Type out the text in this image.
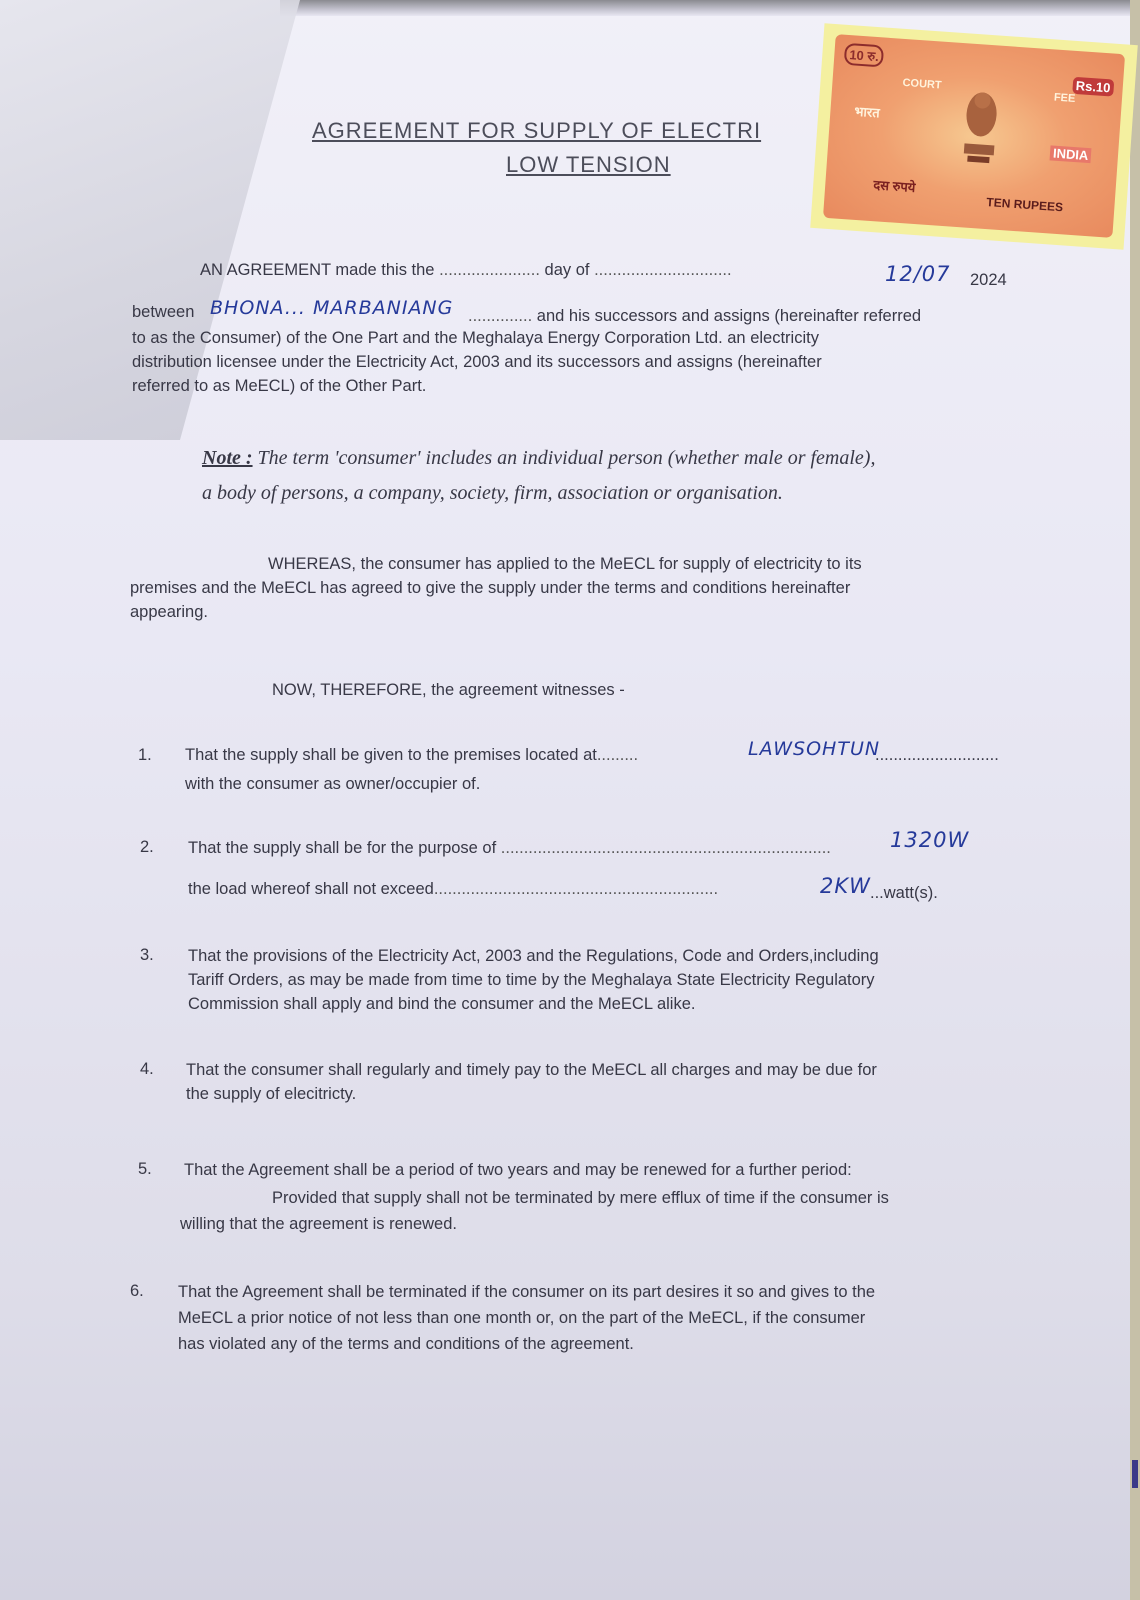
AGREEMENT FOR SUPPLY OF ELECTRI
LOW TENSION
10 रु.
COURT
FEE
Rs.10
भारत
INDIA
दस रुपये
TEN RUPEES
AN AGREEMENT made this the ...................... day of ..............................	12/07 2024
between BHONA... MARBANIANG .............. and his successors and assigns (hereinafter referred
to as the Consumer) of the One Part and the Meghalaya Energy Corporation Ltd. an electricity
distribution licensee under the Electricity Act, 2003 and its successors and assigns (hereinafter
referred to as MeECL) of the Other Part.
Note : The term 'consumer' includes an individual person (whether male or female),
a body of persons, a company, society, firm, association or organisation.
WHEREAS, the consumer has applied to the MeECL for supply of electricity to its
premises and the MeECL has agreed to give the supply under the terms and conditions hereinafter
appearing.
NOW, THEREFORE, the agreement witnesses -
1. That the supply shall be given to the premises located at.........	LAWSOHTUN
...........................
with the consumer as owner/occupier of.
2. That the supply shall be for the purpose of ........................................................................	1320W
the load whereof shall not exceed..............................................................	2KW ...watt(s).
3. That the provisions of the Electricity Act, 2003 and the Regulations, Code and Orders,including
Tariff Orders, as may be made from time to time by the Meghalaya State Electricity Regulatory
Commission shall apply and bind the consumer and the MeECL alike.
4. That the consumer shall regularly and timely pay to the MeECL all charges and may be due for
the supply of elecitricty.
5. That the Agreement shall be a period of two years and may be renewed for a further period:
Provided that supply shall not be terminated by mere efflux of time if the consumer is
willing that the agreement is renewed.
6. That the Agreement shall be terminated if the consumer on its part desires it so and gives to the
MeECL a prior notice of not less than one month or, on the part of the MeECL, if the consumer
has violated any of the terms and conditions of the agreement.
